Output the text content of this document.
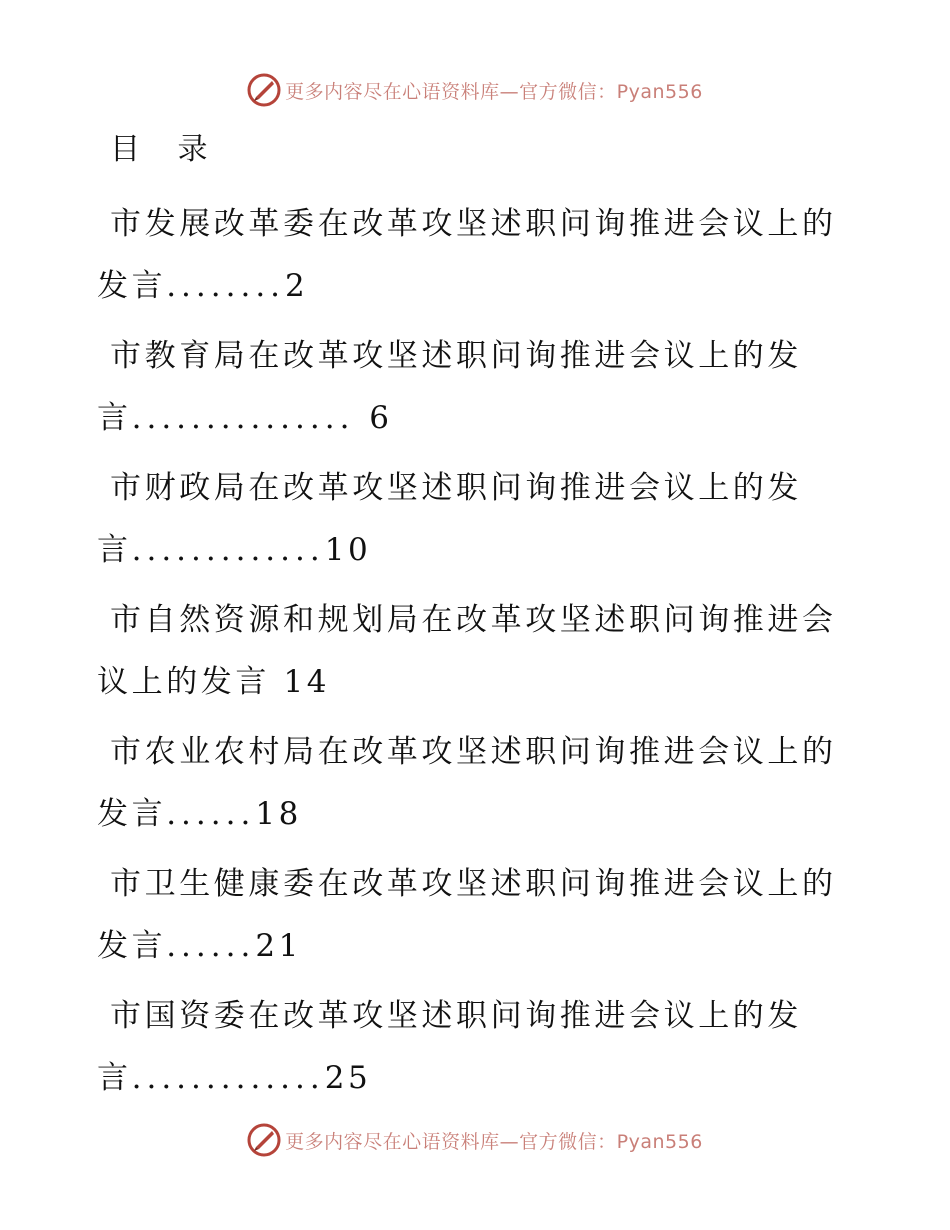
更多内容尽在心语资料库—官方微信：Pyan556
目 录
市发展改革委在改革攻坚述职问询推进会议上的
发言........2
市教育局在改革攻坚述职问询推进会议上的发
言............... 6
市财政局在改革攻坚述职问询推进会议上的发
言.............10
市自然资源和规划局在改革攻坚述职问询推进会
议上的发言 14
市农业农村局在改革攻坚述职问询推进会议上的
发言......18
市卫生健康委在改革攻坚述职问询推进会议上的
发言......21
市国资委在改革攻坚述职问询推进会议上的发
言.............25
更多内容尽在心语资料库—官方微信：Pyan556
